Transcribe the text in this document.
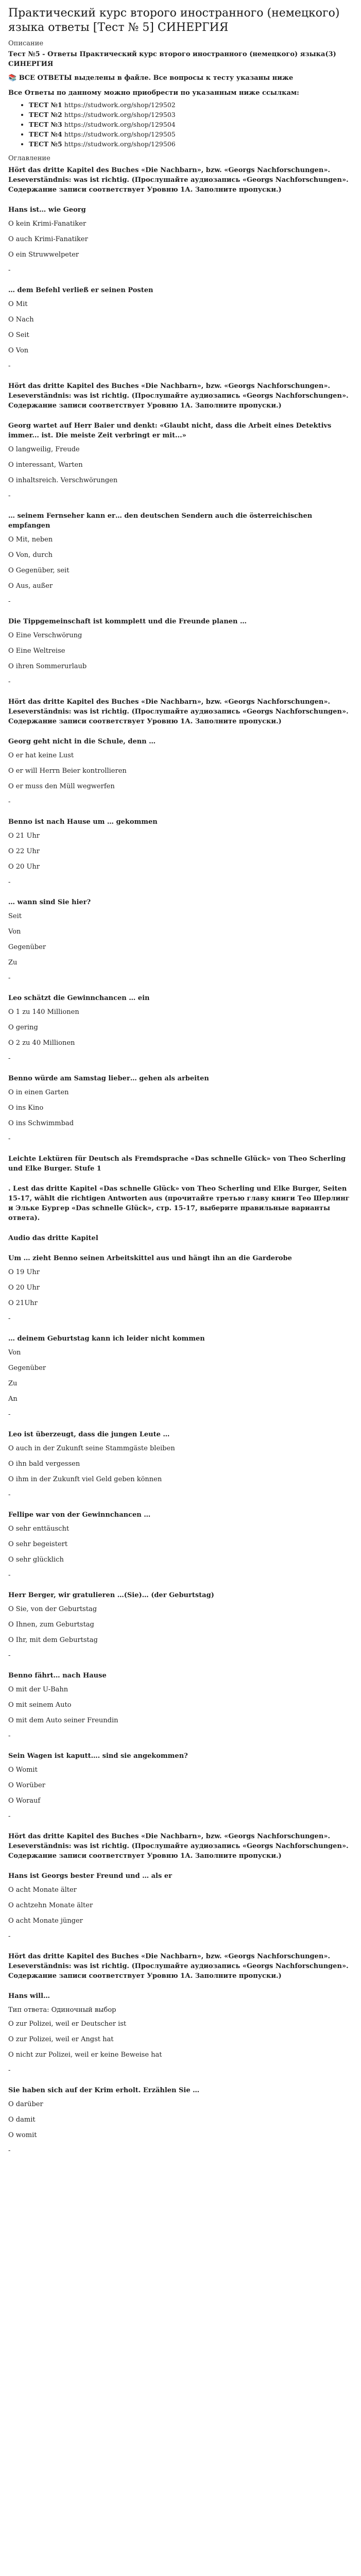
Практический курс второго иностранного (немецкого) языка ответы [Тест № 5] СИНЕРГИЯ
Описание
Тест №5 - Ответы Практический курс второго иностранного (немецкого) языка(3) СИНЕРГИЯ
📚 ВСЕ ОТВЕТЫ выделены в файле. Все вопросы к тесту указаны ниже
Все Ответы по данному можно приобрести по указанным ниже ссылкам:
• ТЕСТ №1 https://studwork.org/shop/129502
• ТЕСТ №2 https://studwork.org/shop/129503
• ТЕСТ №3 https://studwork.org/shop/129504
• ТЕСТ №4 https://studwork.org/shop/129505
• ТЕСТ №5 https://studwork.org/shop/129506
Оглавление
Hört das dritte Kapitel des Buches «Die Nachbarn», bzw. «Georgs Nachforschungen». Leseverständnis: was ist richtig. (Прослушайте аудиозапись «Georgs Nachforschungen». Содержание записи соответствует Уровню 1А. Заполните пропуски.)
Hans ist… wie Georg
O kein Krimi-Fanatiker
O auch Krimi-Fanatiker
O ein Struwwelpeter
-
… dem Befehl verließ er seinen Posten
O Mit
O Nach
O Seit
O Von
-
Hört das dritte Kapitel des Buches «Die Nachbarn», bzw. «Georgs Nachforschungen». Leseverständnis: was ist richtig. (Прослушайте аудиозапись «Georgs Nachforschungen». Содержание записи соответствует Уровню 1А. Заполните пропуски.)
Georg wartet auf Herr Baier und denkt: «Glaubt nicht, dass die Arbeit eines Detektivs immer... ist. Die meiste Zeit verbringt er mit...»
O langweilig, Freude
O interessant, Warten
O inhaltsreich. Verschwörungen
-
… seinem Fernseher kann er… den deutschen Sendern auch die österreichischen empfangen
O Mit, neben
O Von, durch
O Gegenüber, seit
O Aus, außer
-
Die Tippgemeinschaft ist kommplett und die Freunde planen …
O Eine Verschwörung
O Eine Weltreise
O ihren Sommerurlaub
-
Hört das dritte Kapitel des Buches «Die Nachbarn», bzw. «Georgs Nachforschungen». Leseverständnis: was ist richtig. (Прослушайте аудиозапись «Georgs Nachforschungen». Содержание записи соответствует Уровню 1А. Заполните пропуски.)
Georg geht nicht in die Schule, denn …
O er hat keine Lust
O er will Herrn Beier kontrollieren
O er muss den Müll wegwerfen
-
Benno ist nach Hause um … gekommen
O 21 Uhr
O 22 Uhr
O 20 Uhr
-
… wann sind Sie hier?
Seit
Von
Gegenüber
Zu
-
Leo schätzt die Gewinnchancen … ein
O 1 zu 140 Millionen
O gering
O 2 zu 40 Millionen
-
Benno würde am Samstag lieber… gehen als arbeiten
O in einen Garten
O ins Kino
O ins Schwimmbad
-
Leichte Lektüren für Deutsch als Fremdsprache «Das schnelle Glück» von Theo Scherling und Elke Burger. Stufe 1
. Lest das dritte Kapitel «Das schnelle Glück» von Theo Scherling und Elke Burger, Seiten 15-17, wählt die richtigen Antworten aus (прочитайте третью главу книги Тео Шерлинг и Эльке Бургер «Das schnelle Glück», стр. 15-17, выберите правильные варианты ответа).
Audio das dritte Kapitel
Um … zieht Benno seinen Arbeitskittel aus und hängt ihn an die Garderobe
O 19 Uhr
O 20 Uhr
O 21Uhr
-
… deinem Geburtstag kann ich leider nicht kommen
Von
Gegenüber
Zu
An
-
Leo ist überzeugt, dass die jungen Leute …
O auch in der Zukunft seine Stammgäste bleiben
O ihn bald vergessen
O ihm in der Zukunft viel Geld geben können
-
Fellipe war von der Gewinnchancen …
O sehr enttäuscht
O sehr begeistert
O sehr glücklich
-
Herr Berger, wir gratulieren …(Sie)… (der Geburtstag)
O Sie, von der Geburtstag
O Ihnen, zum Geburtstag
O Ihr, mit dem Geburtstag
-
Benno fährt… nach Hause
O mit der U-Bahn
O mit seinem Auto
O mit dem Auto seiner Freundin
-
Sein Wagen ist kaputt…. sind sie angekommen?
O Womit
O Worüber
O Worauf
-
Hört das dritte Kapitel des Buches «Die Nachbarn», bzw. «Georgs Nachforschungen». Leseverständnis: was ist richtig. (Прослушайте аудиозапись «Georgs Nachforschungen». Содержание записи соответствует Уровню 1А. Заполните пропуски.)
Hans ist Georgs bester Freund und … als er
O acht Monate älter
O achtzehn Monate älter
O acht Monate jünger
-
Hört das dritte Kapitel des Buches «Die Nachbarn», bzw. «Georgs Nachforschungen». Leseverständnis: was ist richtig. (Прослушайте аудиозапись «Georgs Nachforschungen». Содержание записи соответствует Уровню 1А. Заполните пропуски.)
Hans will…
Тип ответа: Одиночный выбор
O zur Polizei, weil er Deutscher ist
O zur Polizei, weil er Angst hat
O nicht zur Polizei, weil er keine Beweise hat
-
Sie haben sich auf der Krim erholt. Erzählen Sie …
O darüber
O damit
O womit
-
